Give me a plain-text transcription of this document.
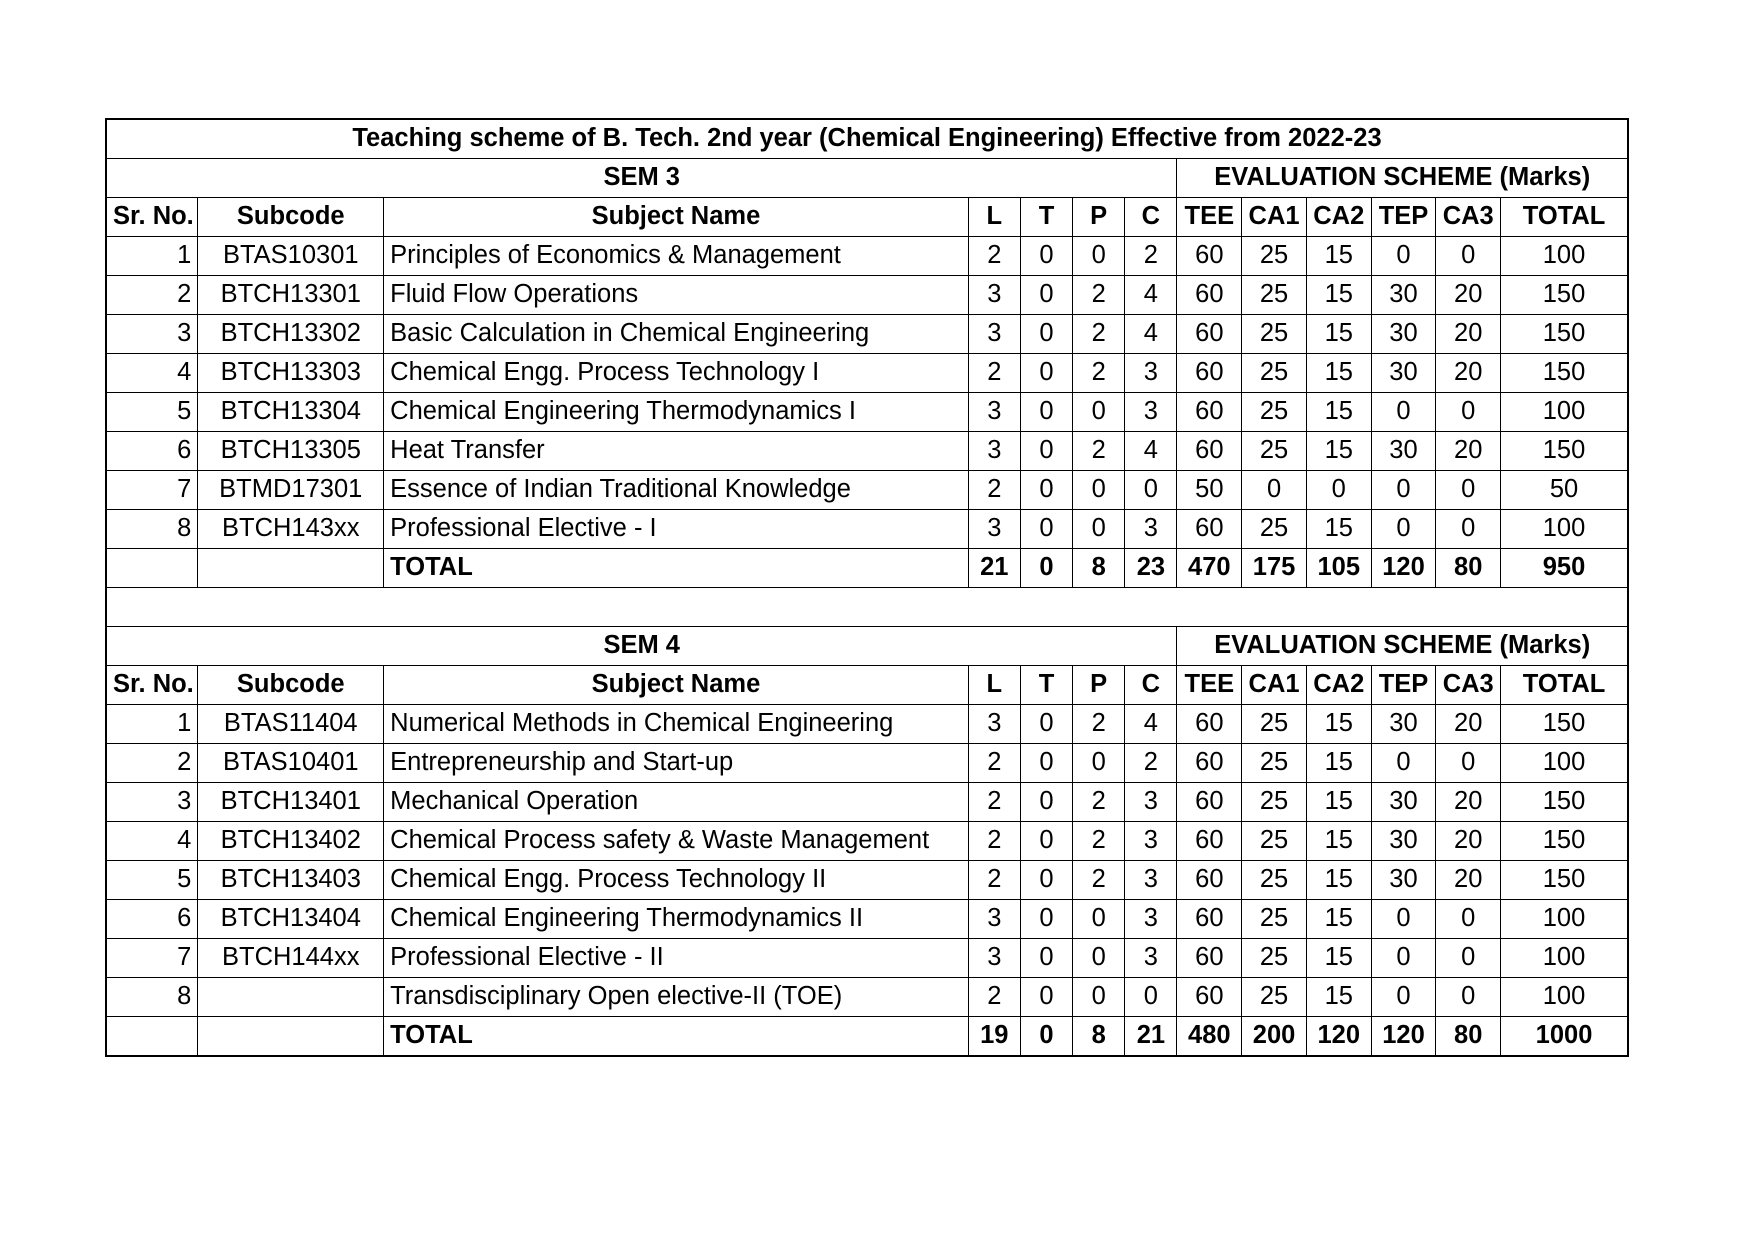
Teaching scheme of B. Tech. 2nd year (Chemical Engineering) Effective from 2022-23												
SEM 3							EVALUATION SCHEME (Marks)					
Sr. No.	Subcode	Subject Name	L	T	P	C	TEE	CA1	CA2	TEP	CA3	TOTAL
1	BTAS10301	Principles of Economics & Management	2	0	0	2	60	25	15	0	0	100
2	BTCH13301	Fluid Flow Operations	3	0	2	4	60	25	15	30	20	150
3	BTCH13302	Basic Calculation in Chemical Engineering	3	0	2	4	60	25	15	30	20	150
4	BTCH13303	Chemical Engg. Process Technology I	2	0	2	3	60	25	15	30	20	150
5	BTCH13304	Chemical Engineering Thermodynamics I	3	0	0	3	60	25	15	0	0	100
6	BTCH13305	Heat Transfer	3	0	2	4	60	25	15	30	20	150
7	BTMD17301	Essence of Indian Traditional Knowledge	2	0	0	0	50	0	0	0	0	50
8	BTCH143xx	Professional Elective - I	3	0	0	3	60	25	15	0	0	100
		TOTAL	21	0	8	23	470	175	105	120	80	950

SEM 4							EVALUATION SCHEME (Marks)					
Sr. No.	Subcode	Subject Name	L	T	P	C	TEE	CA1	CA2	TEP	CA3	TOTAL
1	BTAS11404	Numerical Methods in Chemical Engineering	3	0	2	4	60	25	15	30	20	150
2	BTAS10401	Entrepreneurship and Start-up	2	0	0	2	60	25	15	0	0	100
3	BTCH13401	Mechanical Operation	2	0	2	3	60	25	15	30	20	150
4	BTCH13402	Chemical Process safety & Waste Management	2	0	2	3	60	25	15	30	20	150
5	BTCH13403	Chemical Engg. Process Technology II	2	0	2	3	60	25	15	30	20	150
6	BTCH13404	Chemical Engineering Thermodynamics II	3	0	0	3	60	25	15	0	0	100
7	BTCH144xx	Professional Elective - II	3	0	0	3	60	25	15	0	0	100
8		Transdisciplinary Open elective-II (TOE)	2	0	0	0	60	25	15	0	0	100
		TOTAL	19	0	8	21	480	200	120	120	80	1000
